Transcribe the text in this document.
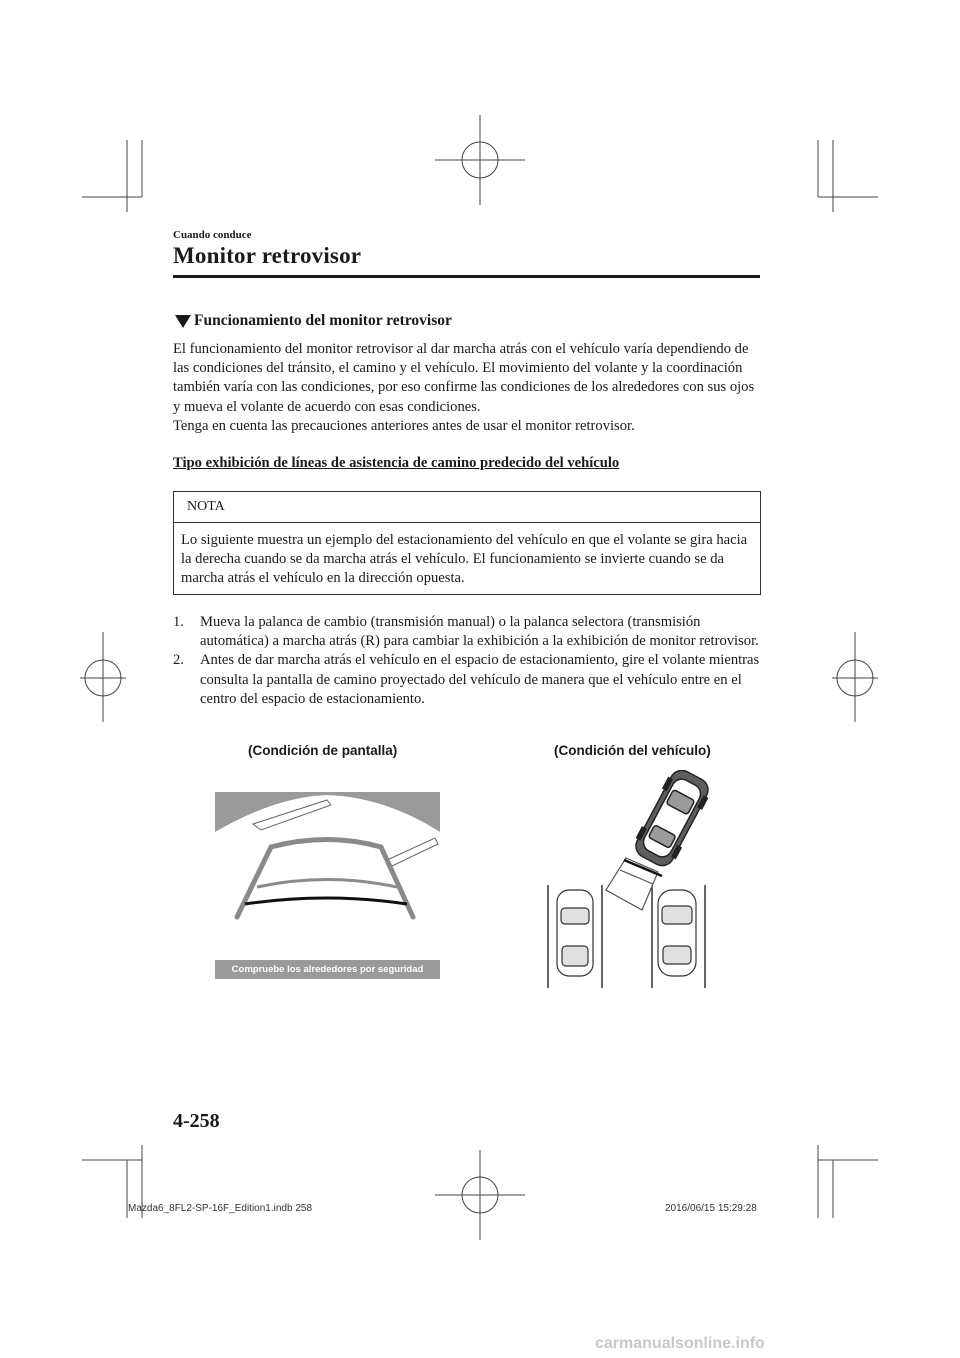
Cuando conduce
Monitor retrovisor
Funcionamiento del monitor retrovisor

El funcionamiento del monitor retrovisor al dar marcha atrás con el vehículo varía dependiendo de las condiciones del tránsito, el camino y el vehículo. El movimiento del volante y la coordinación también varía con las condiciones, por eso confirme las condiciones de los alrededores con sus ojos y mueva el volante de acuerdo con esas condiciones.

Tenga en cuenta las precauciones anteriores antes de usar el monitor retrovisor.

Tipo exhibición de líneas de asistencia de camino predecido del vehículo
NOTA
Lo siguiente muestra un ejemplo del estacionamiento del vehículo en que el volante se gira hacia la derecha cuando se da marcha atrás el vehículo. El funcionamiento se invierte cuando se da marcha atrás el vehículo en la dirección opuesta.
1.	Mueva la palanca de cambio (transmisión manual) o la palanca selectora (transmisión automática) a marcha atrás (R) para cambiar la exhibición a la exhibición de monitor retrovisor.
2.	Antes de dar marcha atrás el vehículo en el espacio de estacionamiento, gire el volante mientras consulta la pantalla de camino proyectado del vehículo de manera que el vehículo entre en el centro del espacio de estacionamiento.
(Condición de pantalla)	(Condición del vehículo)
Compruebe los alrededores por seguridad
4-258
Mazda6_8FL2-SP-16F_Edition1.indb 258	2016/06/15 15:29:28
carmanualsonline.info
